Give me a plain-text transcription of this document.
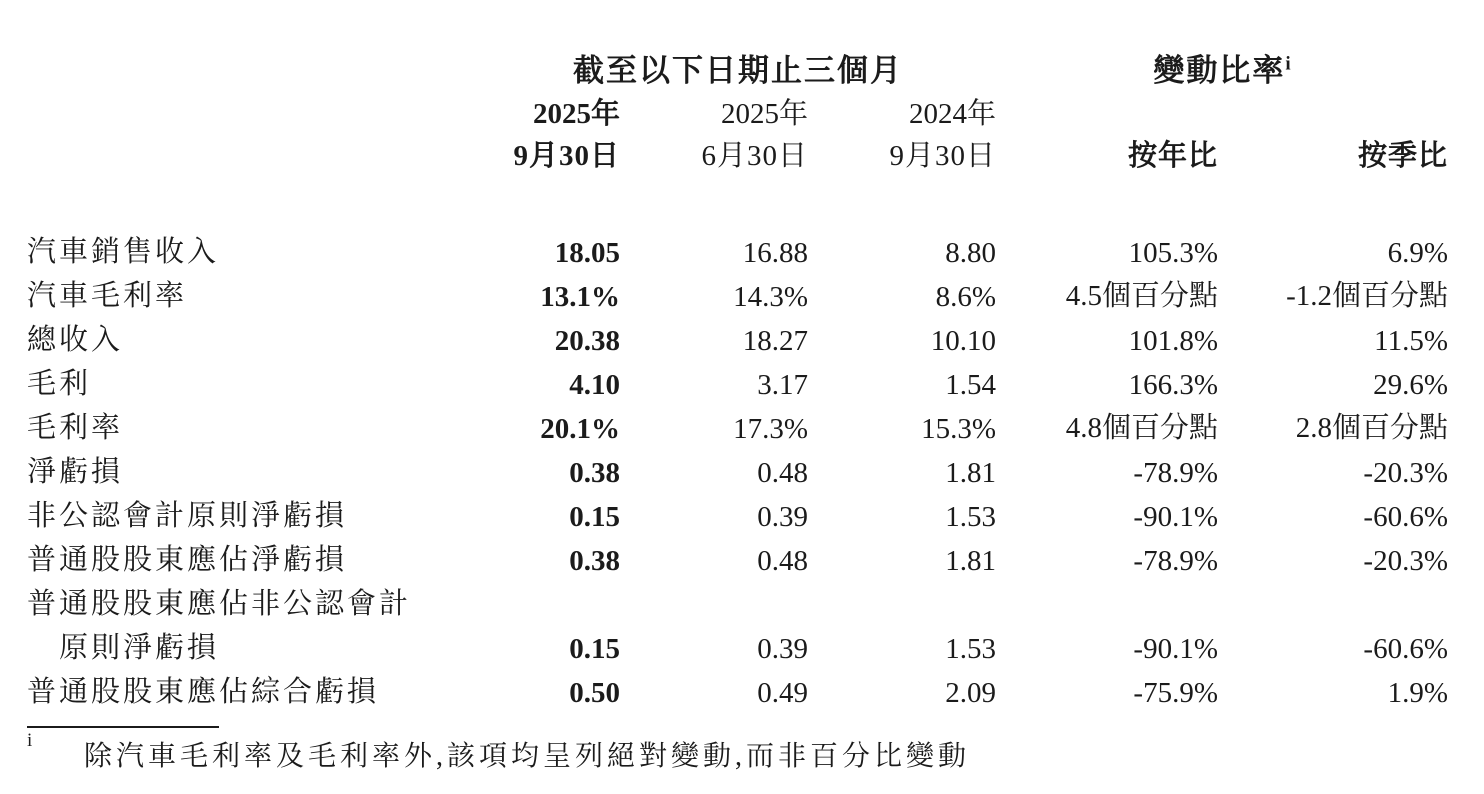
	截至以下日期止三個月			變動比率$^i$
	2025年	2025年	2024年		
	9月30日	6月30日	9月30日	按年比	按季比

汽車銷售收入	18.05	16.88	8.80	105.3%	6.9%
汽車毛利率	13.1%	14.3%	8.6%	4.5個百分點	-1.2個百分點
總收入	20.38	18.27	10.10	101.8%	11.5%
毛利	4.10	3.17	1.54	166.3%	29.6%
毛利率	20.1%	17.3%	15.3%	4.8個百分點	2.8個百分點
淨虧損	0.38	0.48	1.81	-78.9%	-20.3%
非公認會計原則淨虧損	0.15	0.39	1.53	-90.1%	-60.6%
普通股股東應佔淨虧損	0.38	0.48	1.81	-78.9%	-20.3%
普通股股東應佔非公認會計					
原則淨虧損	0.15	0.39	1.53	-90.1%	-60.6%
普通股股東應佔綜合虧損	0.50	0.49	2.09	-75.9%	1.9%
i
除汽車毛利率及毛利率外,該項均呈列絕對變動,而非百分比變動
